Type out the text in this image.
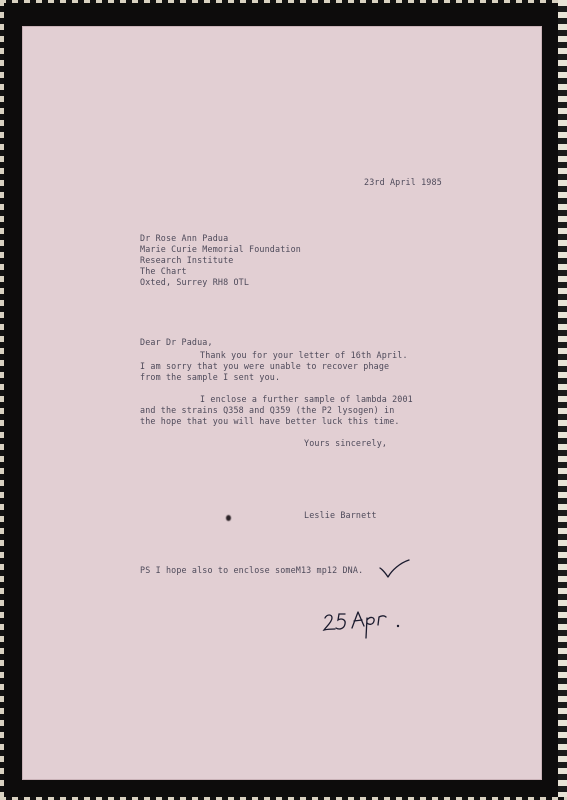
23rd April 1985
Dr Rose Ann Padua
Marie Curie Memorial Foundation
Research Institute
The Chart
Oxted, Surrey RH8 OTL
Dear Dr Padua,
Thank you for your letter of 16th April.
I am sorry that you were unable to recover phage
from the sample I sent you.
I enclose a further sample of lambda 2001
and the strains Q358 and Q359 (the P2 lysogen) in
the hope that you will have better luck this time.
Yours sincerely,
Leslie Barnett
PS I hope also to enclose someM13 mp12 DNA.
